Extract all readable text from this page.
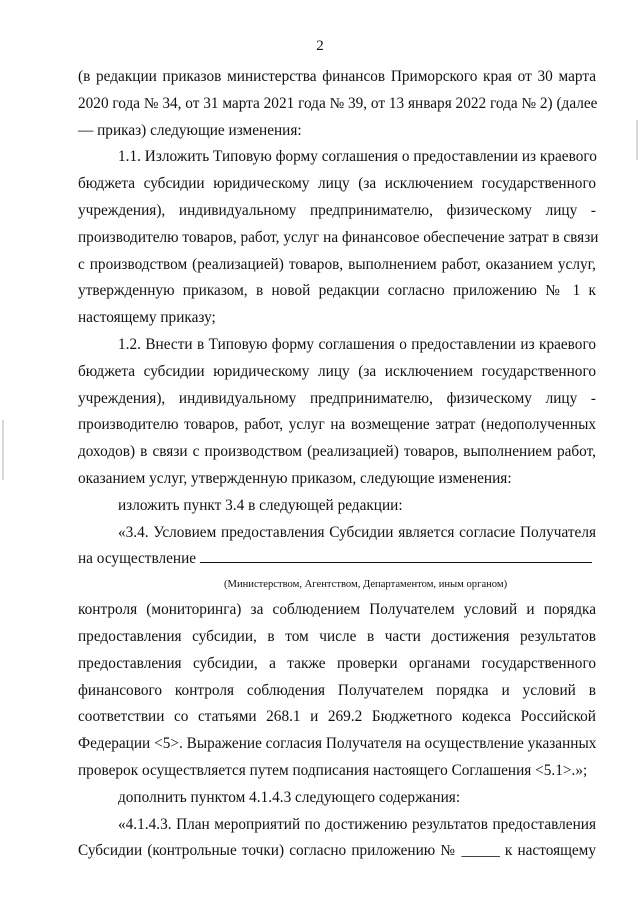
2
(в редакции приказов министерства финансов Приморского края от 30 марта
2020 года № 34, от 31 марта 2021 года № 39, от 13 января 2022 года № 2) (далее
— приказ) следующие изменения:
1.1. Изложить Типовую форму соглашения о предоставлении из краевого
бюджета субсидии юридическому лицу (за исключением государственного
учреждения), индивидуальному предпринимателю, физическому лицу -
производителю товаров, работ, услуг на финансовое обеспечение затрат в связи
с производством (реализацией) товаров, выполнением работ, оказанием услуг,
утвержденную приказом, в новой редакции согласно приложению № 1 к
настоящему приказу;
1.2. Внести в Типовую форму соглашения о предоставлении из краевого
бюджета субсидии юридическому лицу (за исключением государственного
учреждения), индивидуальному предпринимателю, физическому лицу -
производителю товаров, работ, услуг на возмещение затрат (недополученных
доходов) в связи с производством (реализацией) товаров, выполнением работ,
оказанием услуг, утвержденную приказом, следующие изменения:
изложить пункт 3.4 в следующей редакции:
«3.4. Условием предоставления Субсидии является согласие Получателя
на осуществление
(Министерством, Агентством, Департаментом, иным органом)
контроля (мониторинга) за соблюдением Получателем условий и порядка
предоставления субсидии, в том числе в части достижения результатов
предоставления субсидии, а также проверки органами государственного
финансового контроля соблюдения Получателем порядка и условий в
соответствии со статьями 268.1 и 269.2 Бюджетного кодекса Российской
Федерации <5>. Выражение согласия Получателя на осуществление указанных
проверок осуществляется путем подписания настоящего Соглашения <5.1>.»;
дополнить пунктом 4.1.4.3 следующего содержания:
«4.1.4.3. План мероприятий по достижению результатов предоставления
Субсидии (контрольные точки) согласно приложению № _____ к настоящему
